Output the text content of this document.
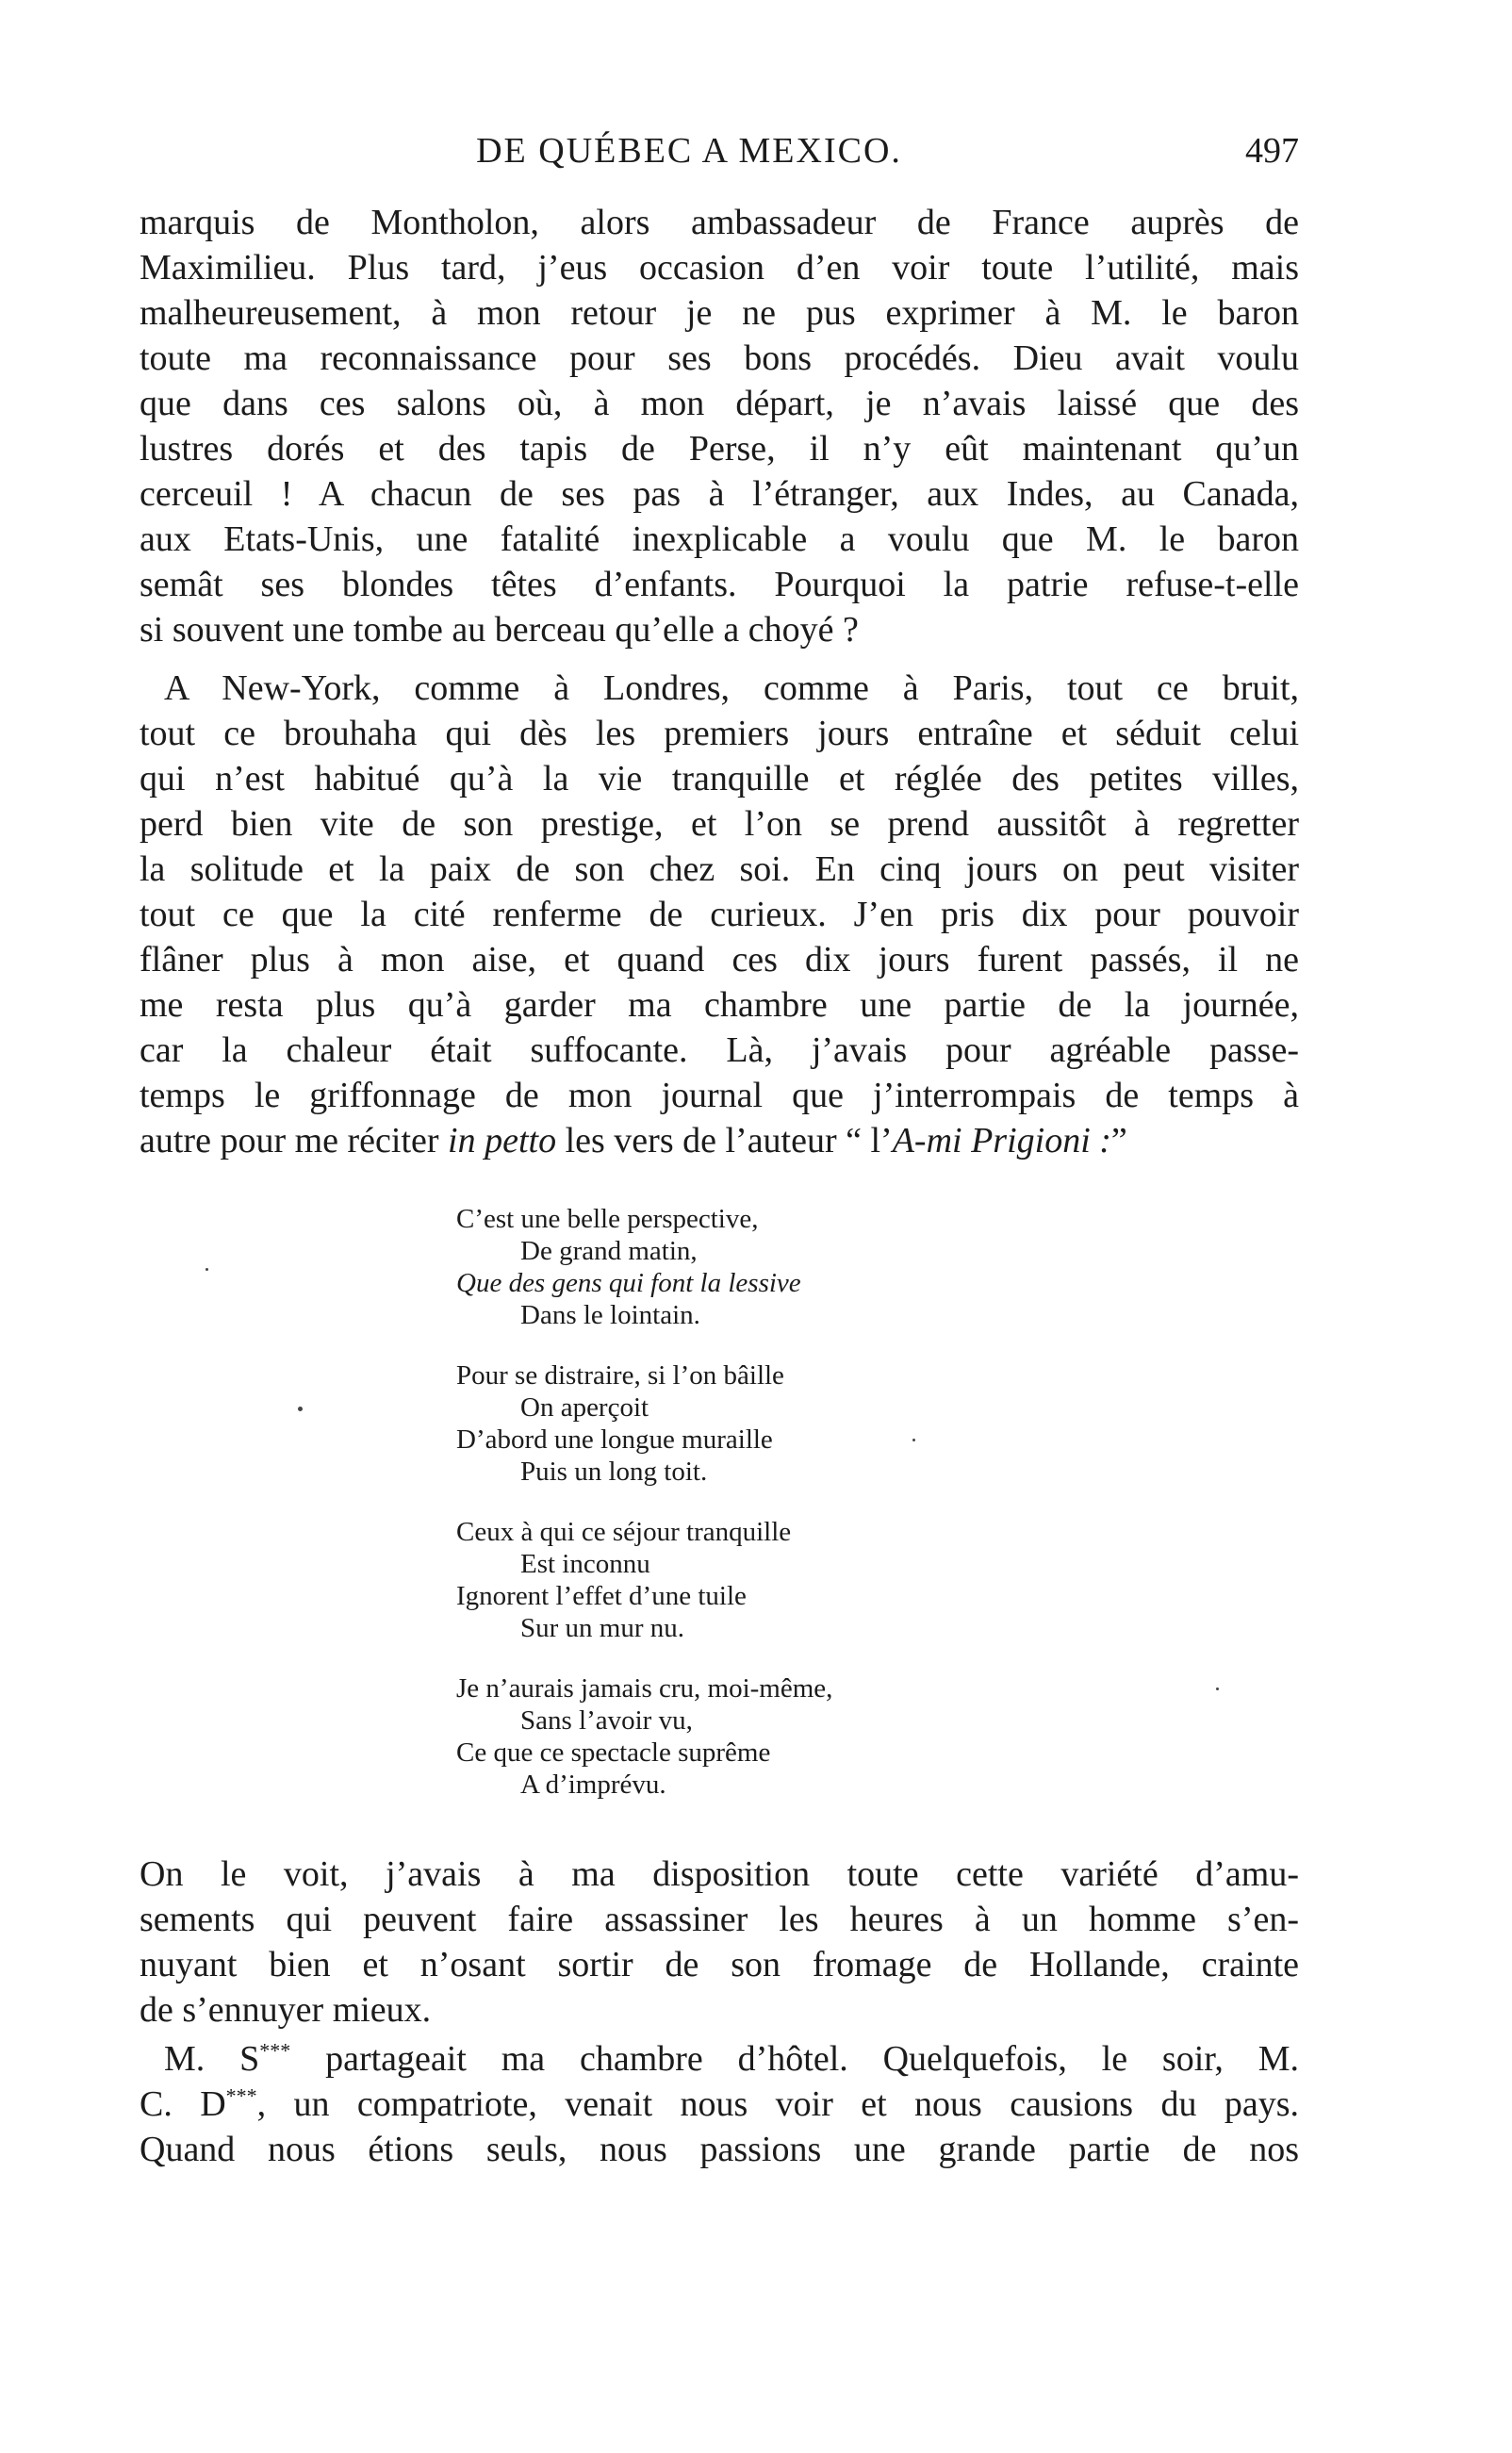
DE QUÉBEC A MEXICO.	497
marquis de Montholon, alors ambassadeur de France auprès de
Maximilieu. Plus tard, j’eus occasion d’en voir toute l’utilité, mais
malheureusement, à mon retour je ne pus exprimer à M. le baron
toute ma reconnaissance pour ses bons procédés. Dieu avait voulu
que dans ces salons où, à mon départ, je n’avais laissé que des
lustres dorés et des tapis de Perse, il n’y eût maintenant qu’un
cerceuil ! A chacun de ses pas à l’étranger, aux Indes, au Canada,
aux Etats-Unis, une fatalité inexplicable a voulu que M. le baron
semât ses blondes têtes d’enfants. Pourquoi la patrie refuse-t-elle
si souvent une tombe au berceau qu’elle a choyé ?
A New-York, comme à Londres, comme à Paris, tout ce bruit,
tout ce brouhaha qui dès les premiers jours entraîne et séduit celui
qui n’est habitué qu’à la vie tranquille et réglée des petites villes,
perd bien vite de son prestige, et l’on se prend aussitôt à regretter
la solitude et la paix de son chez soi. En cinq jours on peut visiter
tout ce que la cité renferme de curieux. J’en pris dix pour pouvoir
flâner plus à mon aise, et quand ces dix jours furent passés, il ne
me resta plus qu’à garder ma chambre une partie de la journée,
car la chaleur était suffocante. Là, j’avais pour agréable passe-
temps le griffonnage de mon journal que j’interrompais de temps à
autre pour me réciter in petto les vers de l’auteur “ l’A-mi Prigioni :”
C’est une belle perspective,
De grand matin,
Que des gens qui font la lessive
Dans le lointain.
Pour se distraire, si l’on bâille
On aperçoit
D’abord une longue muraille
Puis un long toit.
Ceux à qui ce séjour tranquille
Est inconnu
Ignorent l’effet d’une tuile
Sur un mur nu.
Je n’aurais jamais cru, moi-même,
Sans l’avoir vu,
Ce que ce spectacle suprême
A d’imprévu.
On le voit, j’avais à ma disposition toute cette variété d’amu-
sements qui peuvent faire assassiner les heures à un homme s’en-
nuyant bien et n’osant sortir de son fromage de Hollande, crainte
de s’ennuyer mieux.
M. S*** partageait ma chambre d’hôtel. Quelquefois, le soir, M.
C. D***, un compatriote, venait nous voir et nous causions du pays.
Quand nous étions seuls, nous passions une grande partie de nos
